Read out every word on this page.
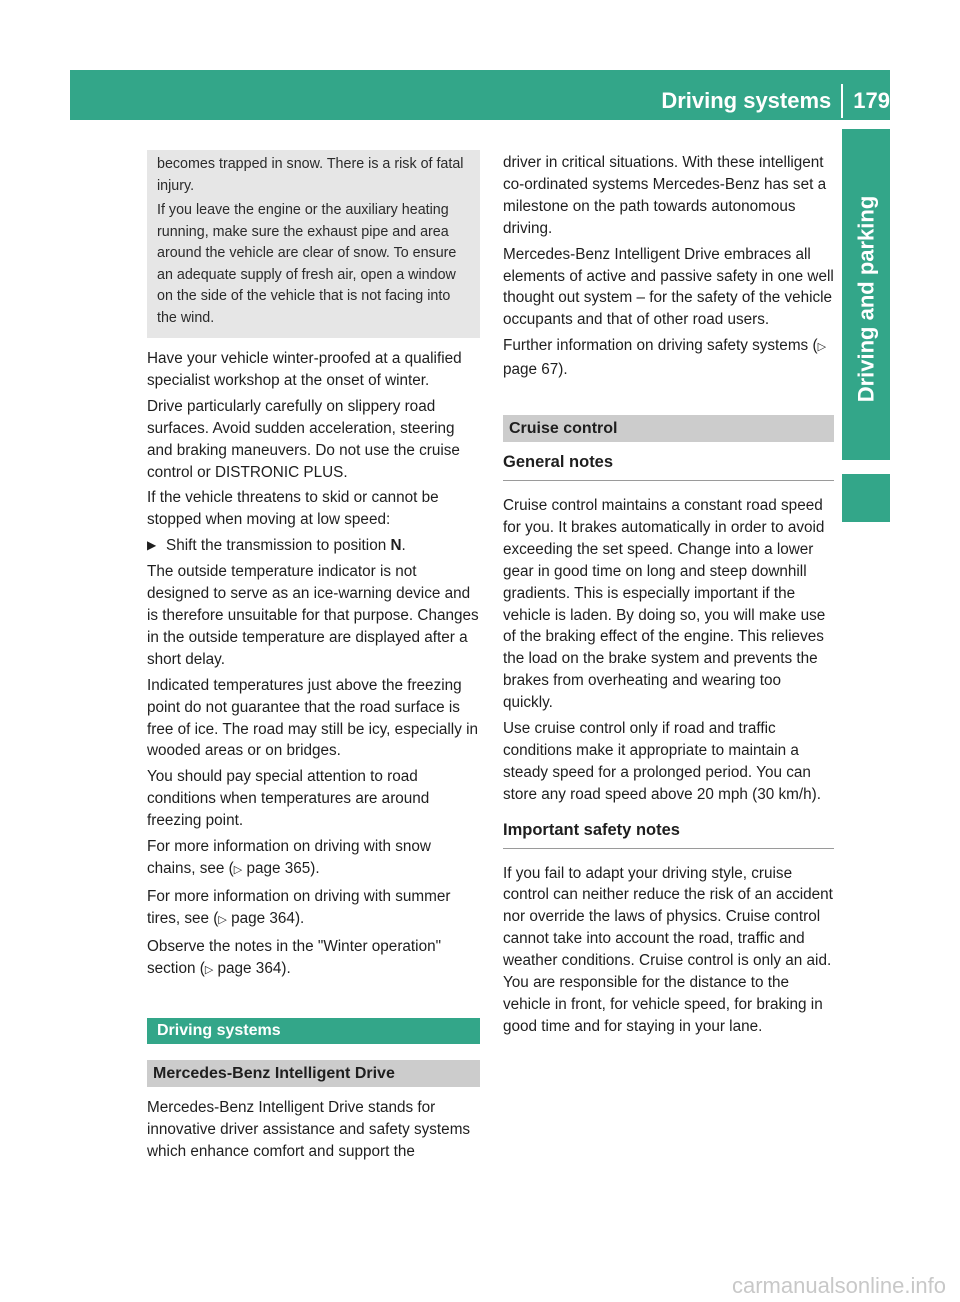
Driving systems 179
Driving and parking

becomes trapped in snow. There is a risk of fatal injury.

If you leave the engine or the auxiliary heating running, make sure the exhaust pipe and area around the vehicle are clear of snow. To ensure an adequate supply of fresh air, open a window on the side of the vehicle that is not facing into the wind.

Have your vehicle winter-proofed at a qualified specialist workshop at the onset of winter.

Drive particularly carefully on slippery road surfaces. Avoid sudden acceleration, steering and braking maneuvers. Do not use the cruise control or DISTRONIC PLUS.

If the vehicle threatens to skid or cannot be stopped when moving at low speed:

▶ Shift the transmission to position N.

The outside temperature indicator is not designed to serve as an ice-warning device and is therefore unsuitable for that purpose. Changes in the outside temperature are displayed after a short delay.

Indicated temperatures just above the freezing point do not guarantee that the road surface is free of ice. The road may still be icy, especially in wooded areas or on bridges.

You should pay special attention to road conditions when temperatures are around freezing point.

For more information on driving with snow chains, see (▷ page 365).

For more information on driving with summer tires, see (▷ page 364).

Observe the notes in the "Winter operation" section (▷ page 364).

Driving systems
Mercedes-Benz Intelligent Drive

Mercedes-Benz Intelligent Drive stands for innovative driver assistance and safety systems which enhance comfort and support the

driver in critical situations. With these intelligent co-ordinated systems Mercedes-Benz has set a milestone on the path towards autonomous driving.

Mercedes-Benz Intelligent Drive embraces all elements of active and passive safety in one well thought out system – for the safety of the vehicle occupants and that of other road users.

Further information on driving safety systems (▷ page 67).

Cruise control
General notes

Cruise control maintains a constant road speed for you. It brakes automatically in order to avoid exceeding the set speed. Change into a lower gear in good time on long and steep downhill gradients. This is especially important if the vehicle is laden. By doing so, you will make use of the braking effect of the engine. This relieves the load on the brake system and prevents the brakes from overheating and wearing too quickly.

Use cruise control only if road and traffic conditions make it appropriate to maintain a steady speed for a prolonged period. You can store any road speed above 20 mph (30 km/h).

Important safety notes

If you fail to adapt your driving style, cruise control can neither reduce the risk of an accident nor override the laws of physics. Cruise control cannot take into account the road, traffic and weather conditions. Cruise control is only an aid. You are responsible for the distance to the vehicle in front, for vehicle speed, for braking in good time and for staying in your lane.

carmanualsonline.info
